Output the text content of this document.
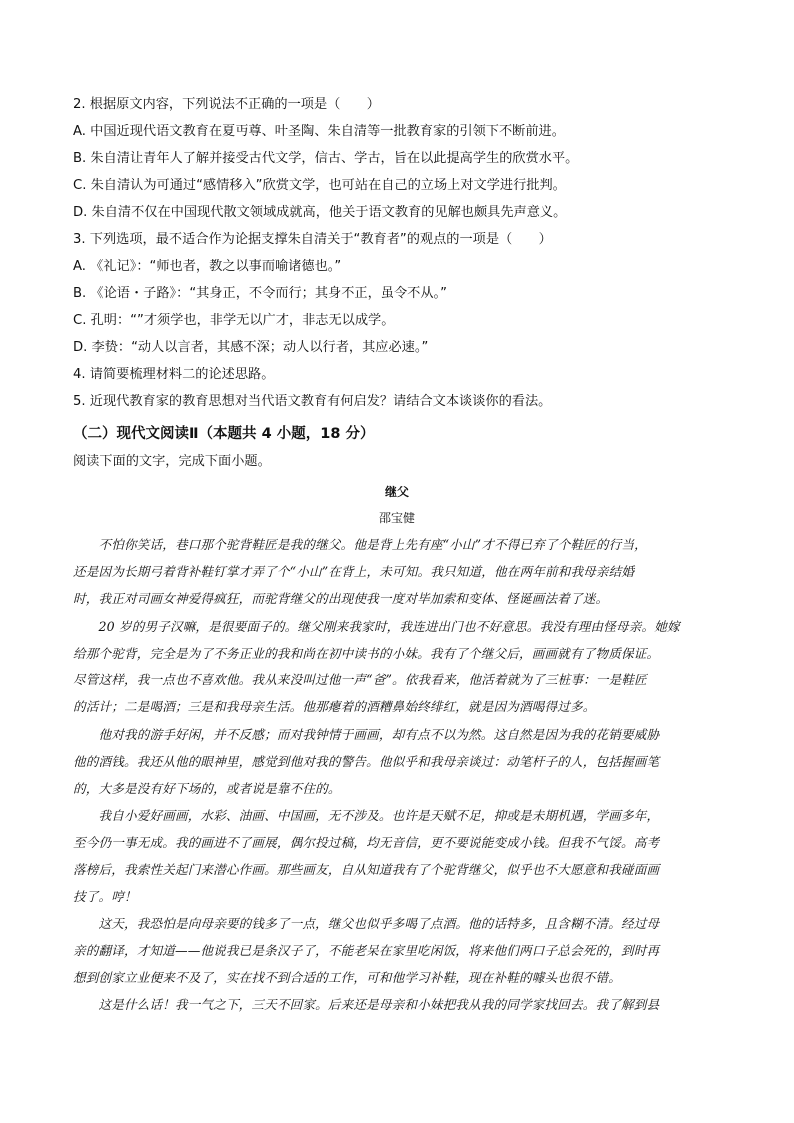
2. 根据原文内容，下列说法不正确的一项是（　　）
A. 中国近现代语文教育在夏丏尊、叶圣陶、朱自清等一批教育家的引领下不断前进。
B. 朱自清让青年人了解并接受古代文学，信古、学古，旨在以此提高学生的欣赏水平。
C. 朱自清认为可通过“感情移入”欣赏文学，也可站在自己的立场上对文学进行批判。
D. 朱自清不仅在中国现代散文领域成就高，他关于语文教育的见解也颇具先声意义。
3. 下列选项，最不适合作为论据支撑朱自清关于“教育者”的观点的一项是（　　）
A. 《礼记》：“师也者，教之以事而喻诸德也。”
B. 《论语・子路》：“其身正，不令而行；其身不正，虽令不从。”
C. 孔明：“”才须学也，非学无以广才，非志无以成学。
D. 李贽：“动人以言者，其感不深；动人以行者，其应必速。”
4. 请简要梳理材料二的论述思路。
5. 近现代教育家的教育思想对当代语文教育有何启发？请结合文本谈谈你的看法。
（二）现代文阅读Ⅱ（本题共 4 小题，18 分）
阅读下面的文字，完成下面小题。
继父
邵宝健
　　不怕你笑话，巷口那个驼背鞋匠是我的继父。他是背上先有座“小山”才不得已弃了个鞋匠的行当，
还是因为长期弓着背补鞋钉掌才弄了个“小山”在背上，未可知。我只知道，他在两年前和我母亲结婚
时，我正对司画女神爱得疯狂，而驼背继父的出现使我一度对毕加索和变体、怪诞画法着了迷。
　　20 岁的男子汉嘛，是很要面子的。继父刚来我家时，我连进出门也不好意思。我没有理由怪母亲。她嫁
给那个驼背，完全是为了不务正业的我和尚在初中读书的小妹。我有了个继父后，画画就有了物质保证。
尽管这样，我一点也不喜欢他。我从来没叫过他一声“爸”。依我看来，他活着就为了三桩事：一是鞋匠
的活计；二是喝酒；三是和我母亲生活。他那瘪着的酒糟鼻始终绯红，就是因为酒喝得过多。
　　他对我的游手好闲，并不反感；而对我钟情于画画，却有点不以为然。这自然是因为我的花销要威胁
他的酒钱。我还从他的眼神里，感觉到他对我的警告。他似乎和我母亲谈过：动笔杆子的人，包括握画笔
的，大多是没有好下场的，或者说是靠不住的。
　　我自小爱好画画，水彩、油画、中国画，无不涉及。也许是天赋不足，抑或是未期机遇，学画多年，
至今仍一事无成。我的画进不了画展，偶尔投过稿，均无音信，更不要说能变成小钱。但我不气馁。高考
落榜后，我索性关起门来潜心作画。那些画友，自从知道我有了个驼背继父，似乎也不大愿意和我碰面画
技了。哼！
　　这天，我恐怕是向母亲要的钱多了一点，继父也似乎多喝了点酒。他的话特多，且含糊不清。经过母
亲的翻译，才知道——他说我已是条汉子了，不能老呆在家里吃闲饭，将来他们两口子总会死的，到时再
想到创家立业便来不及了，实在找不到合适的工作，可和他学习补鞋，现在补鞋的噱头也很不错。
　　这是什么话！我一气之下，三天不回家。后来还是母亲和小妹把我从我的同学家找回去。我了解到县
